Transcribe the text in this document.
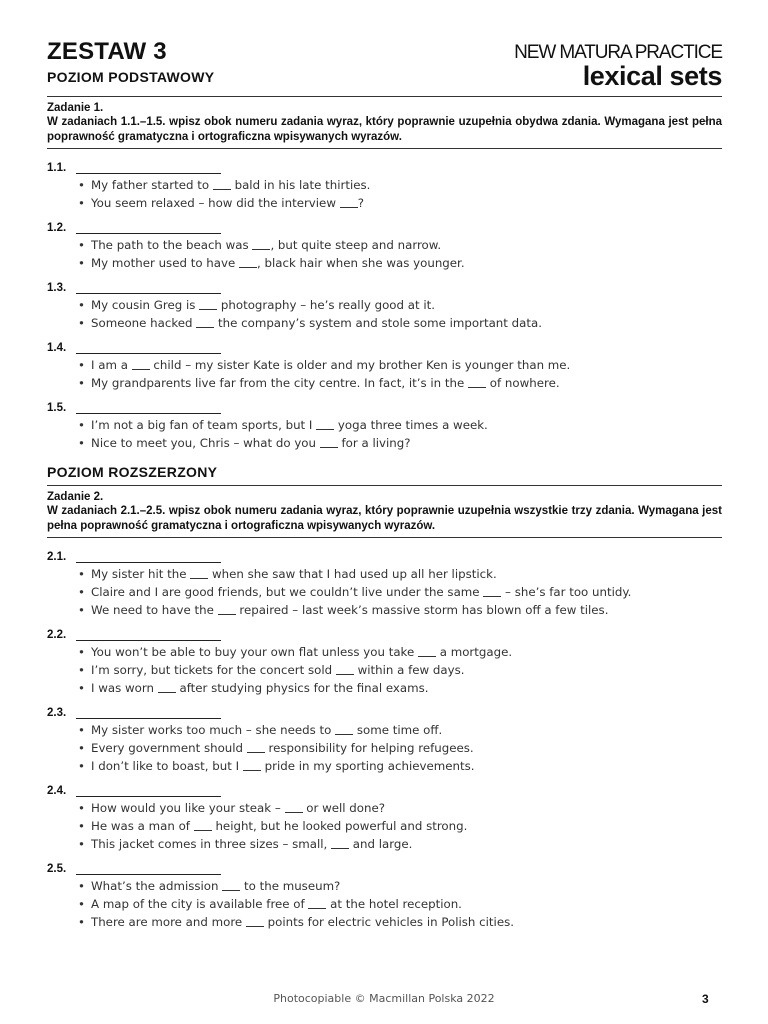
ZESTAW 3
POZIOM PODSTAWOWY
NEW MATURA PRACTICE
lexical sets
Zadanie 1.
W zadaniach 1.1.–1.5. wpisz obok numeru zadania wyraz, który poprawnie uzupełnia obydwa zdania. Wymagana jest pełna poprawność gramatyczna i ortograficzna wpisywanych wyrazów.
1.1.
• My father started to  bald in his late thirties.
• You seem relaxed – how did the interview ?
1.2.
• The path to the beach was , but quite steep and narrow.
• My mother used to have , black hair when she was younger.
1.3.
• My cousin Greg is  photography – he’s really good at it.
• Someone hacked  the company’s system and stole some important data.
1.4.
• I am a  child – my sister Kate is older and my brother Ken is younger than me.
• My grandparents live far from the city centre. In fact, it’s in the  of nowhere.
1.5.
• I’m not a big fan of team sports, but I  yoga three times a week.
• Nice to meet you, Chris – what do you  for a living?
POZIOM ROZSZERZONY
Zadanie 2.
W zadaniach 2.1.–2.5. wpisz obok numeru zadania wyraz, który poprawnie uzupełnia wszystkie trzy zdania. Wymagana jest pełna poprawność gramatyczna i ortograficzna wpisywanych wyrazów.
2.1.
• My sister hit the  when she saw that I had used up all her lipstick.
• Claire and I are good friends, but we couldn’t live under the same  – she’s far too untidy.
• We need to have the  repaired – last week’s massive storm has blown off a few tiles.
2.2.
• You won’t be able to buy your own flat unless you take  a mortgage.
• I’m sorry, but tickets for the concert sold  within a few days.
• I was worn  after studying physics for the final exams.
2.3.
• My sister works too much – she needs to  some time off.
• Every government should  responsibility for helping refugees.
• I don’t like to boast, but I  pride in my sporting achievements.
2.4.
• How would you like your steak –  or well done?
• He was a man of  height, but he looked powerful and strong.
• This jacket comes in three sizes – small,  and large.
2.5.
• What’s the admission  to the museum?
• A map of the city is available free of  at the hotel reception.
• There are more and more  points for electric vehicles in Polish cities.
Photocopiable © Macmillan Polska 2022	3
